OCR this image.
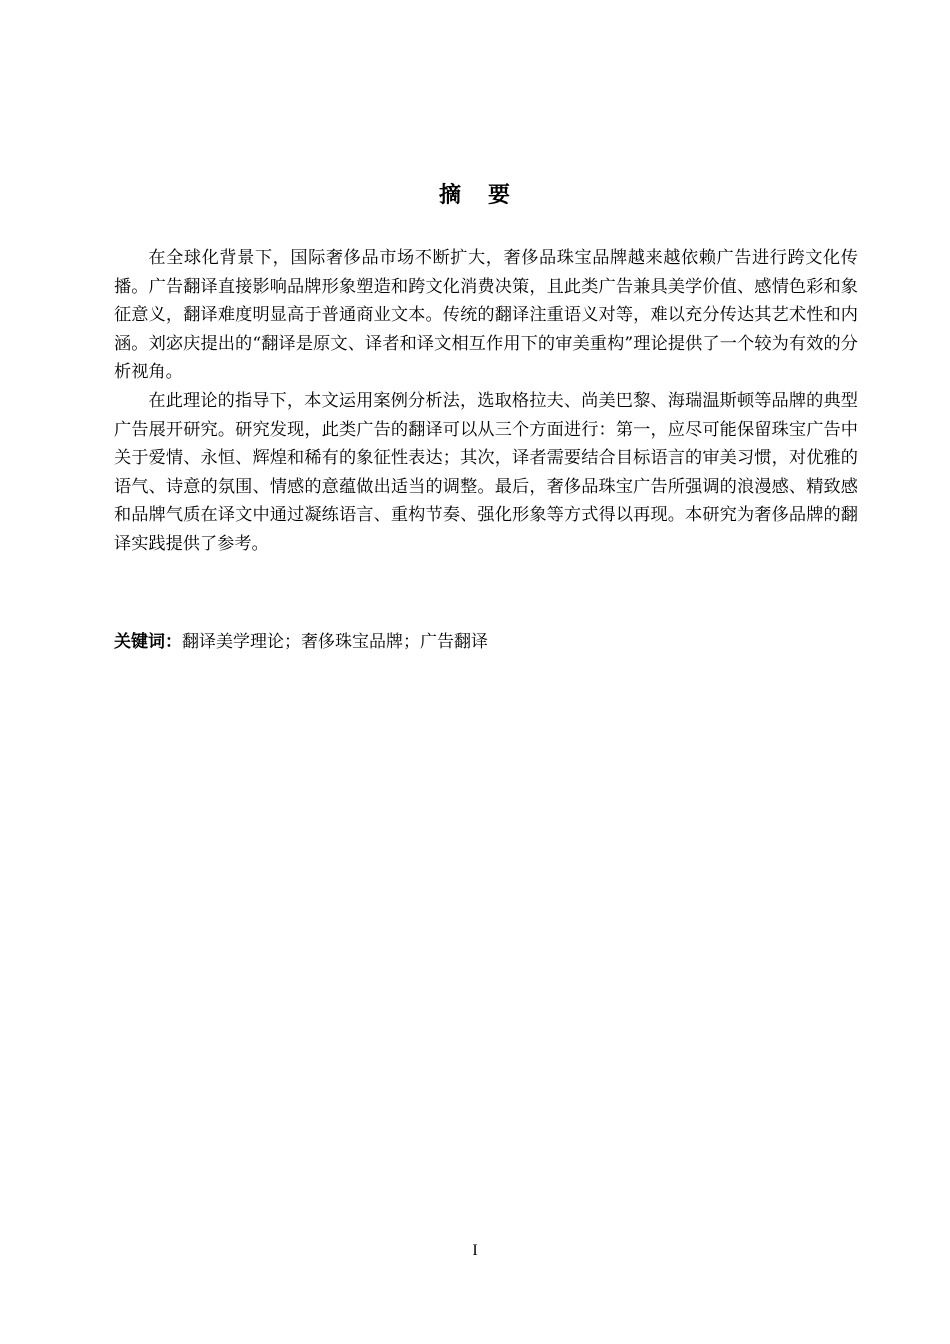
摘 要

在全球化背景下，国际奢侈品市场不断扩大，奢侈品珠宝品牌越来越依赖广告进行跨文化传播。广告翻译直接影响品牌形象塑造和跨文化消费决策，且此类广告兼具美学价值、感情色彩和象征意义，翻译难度明显高于普通商业文本。传统的翻译注重语义对等，难以充分传达其艺术性和内涵。刘宓庆提出的“翻译是原文、译者和译文相互作用下的审美重构”理论提供了一个较为有效的分析视角。

在此理论的指导下，本文运用案例分析法，选取格拉夫、尚美巴黎、海瑞温斯顿等品牌的典型广告展开研究。研究发现，此类广告的翻译可以从三个方面进行：第一，应尽可能保留珠宝广告中关于爱情、永恒、辉煌和稀有的象征性表达；其次，译者需要结合目标语言的审美习惯，对优雅的语气、诗意的氛围、情感的意蕴做出适当的调整。最后，奢侈品珠宝广告所强调的浪漫感、精致感和品牌气质在译文中通过凝练语言、重构节奏、强化形象等方式得以再现。本研究为奢侈品牌的翻译实践提供了参考。

关键词：翻译美学理论；奢侈珠宝品牌；广告翻译
I
